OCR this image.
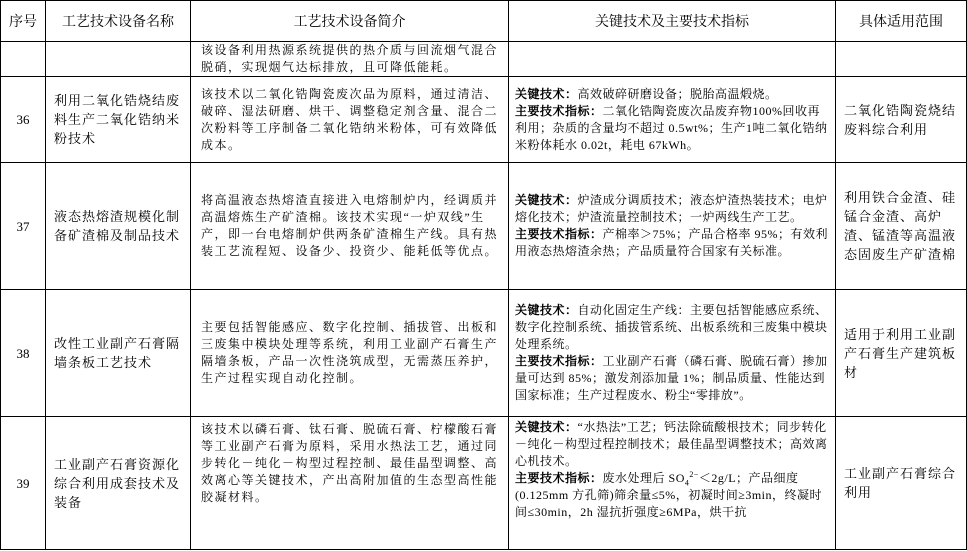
序号	工艺技术设备名称	工艺技术设备简介	关键技术及主要技术指标	具体适用范围
		该设备利用热源系统提供的热介质与回流烟气混合脱硝，实现烟气达标排放，且可降低能耗。		
36	利用二氧化锆烧结废料生产二氧化锆纳米粉技术	该技术以二氧化锆陶瓷废次品为原料，通过清洁、破碎、湿法研磨、烘干、调整稳定剂含量、混合二次粉料等工序制备二氧化锆纳米粉体，可有效降低成本。	关键技术：高效破碎研磨设备；脱胎高温煅烧。
主要技术指标：二氧化锆陶瓷废次品废弃物100%回收再利用；杂质的含量均不超过 0.5wt%；生产1吨二氧化锆纳米粉体耗水 0.02t，耗电 67kWh。	二氧化锆陶瓷烧结废料综合利用
37	液态热熔渣规模化制备矿渣棉及制品技术	将高温液态热熔渣直接进入电熔制炉内，经调质并高温熔炼生产矿渣棉。该技术实现“一炉双线”生产，即一台电熔制炉供两条矿渣棉生产线。具有热装工艺流程短、设备少、投资少、能耗低等优点。	关键技术：炉渣成分调质技术；液态炉渣热装技术；电炉熔化技术；炉渣流量控制技术；一炉两线生产工艺。
主要技术指标：产棉率＞75%；产品合格率 95%；有效利用液态热熔渣余热；产品质量符合国家有关标准。	利用铁合金渣、硅锰合金渣、高炉渣、锰渣等高温液态固废生产矿渣棉
38	改性工业副产石膏隔墙条板工艺技术	主要包括智能感应、数字化控制、插拔管、出板和三废集中模块处理等系统，利用工业副产石膏生产隔墙条板，产品一次性浇筑成型，无需蒸压养护，生产过程实现自动化控制。	关键技术：自动化固定生产线：主要包括智能感应系统、数字化控制系统、插拔管系统、出板系统和三废集中模块处理系统。
主要技术指标：工业副产石膏（磷石膏、脱硫石膏）掺加量可达到 85%；激发剂添加量 1%；制品质量、性能达到国家标准；生产过程废水、粉尘“零排放”。	适用于利用工业副产石膏生产建筑板材
39	工业副产石膏资源化综合利用成套技术及装备	该技术以磷石膏、钛石膏、脱硫石膏、柠檬酸石膏等工业副产石膏为原料，采用水热法工艺，通过同步转化－纯化－构型过程控制、最佳晶型调整、高效离心等关键技术，产出高附加值的生态型高性能胶凝材料。	关键技术：“水热法”工艺；钙法除硫酸根技术；同步转化－纯化－构型过程控制技术；最佳晶型调整技术；高效离心机技术。
主要技术指标：废水处理后 $SO_4^{2-}<2g/L$；产品细度(0.125mm 方孔筛)筛余量≤5%，初凝时间≥3min，终凝时间≤30min，2h 湿抗折强度≥6MPa，烘干抗	工业副产石膏综合利用
